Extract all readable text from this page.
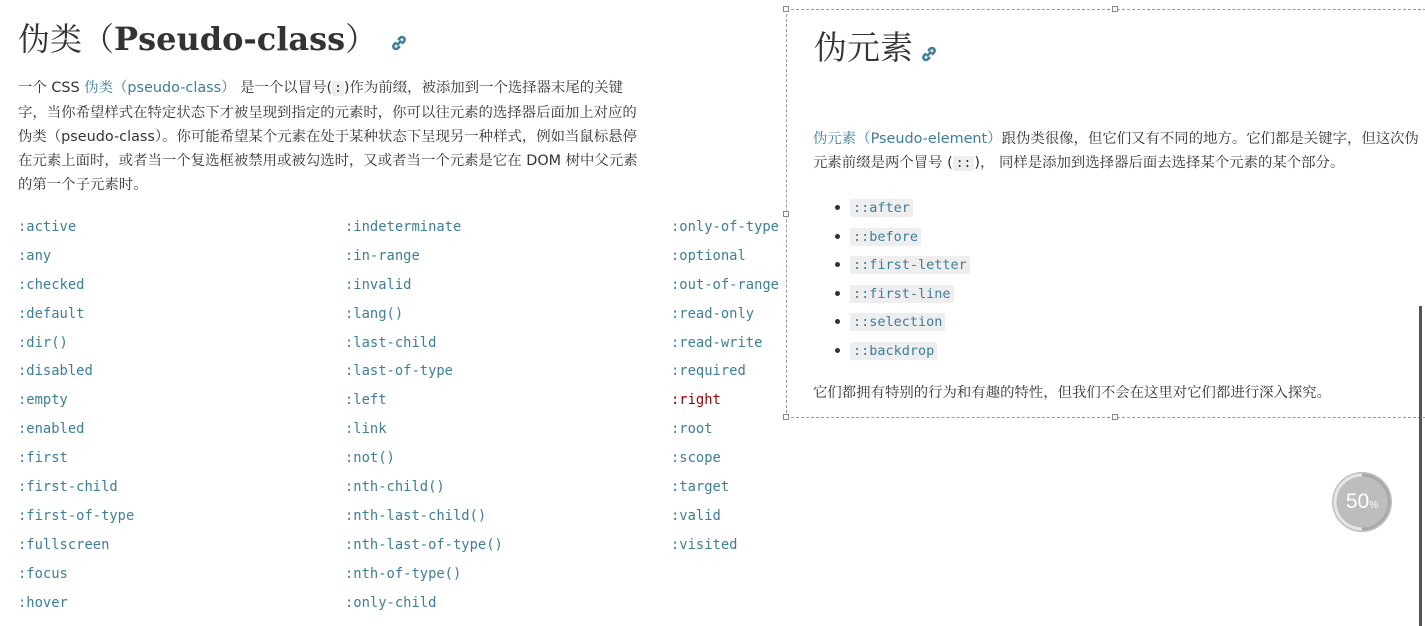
伪类（Pseudo-class）

一个 CSS 伪类（pseudo-class） 是一个以冒号( : )作为前缀，被添加到一个选择器末尾的关键字，当你希望样式在特定状态下才被呈现到指定的元素时，你可以往元素的选择器后面加上对应的伪类（pseudo-class）。你可能希望某个元素在处于某种状态下呈现另一种样式，例如当鼠标悬停在元素上面时，或者当一个复选框被禁用或被勾选时，又或者当一个元素是它在 DOM 树中父元素的第一个子元素时。

:active
:any
:checked
:default
:dir()
:disabled
:empty
:enabled
:first
:first-child
:first-of-type
:fullscreen
:focus
:hover
:indeterminate
:in-range
:invalid
:lang()
:last-child
:last-of-type
:left
:link
:not()
:nth-child()
:nth-last-child()
:nth-last-of-type()
:nth-of-type()
:only-child
:only-of-type
:optional
:out-of-range
:read-only
:read-write
:required
:right
:root
:scope
:target
:valid
:visited
伪元素

伪元素（Pseudo-element）跟伪类很像，但它们又有不同的地方。它们都是关键字，但这次伪元素前缀是两个冒号 ( :: )， 同样是添加到选择器后面去选择某个元素的某个部分。

::after
::before
::first-letter
::first-line
::selection
::backdrop

它们都拥有特别的行为和有趣的特性，但我们不会在这里对它们都进行深入探究。

50 %
